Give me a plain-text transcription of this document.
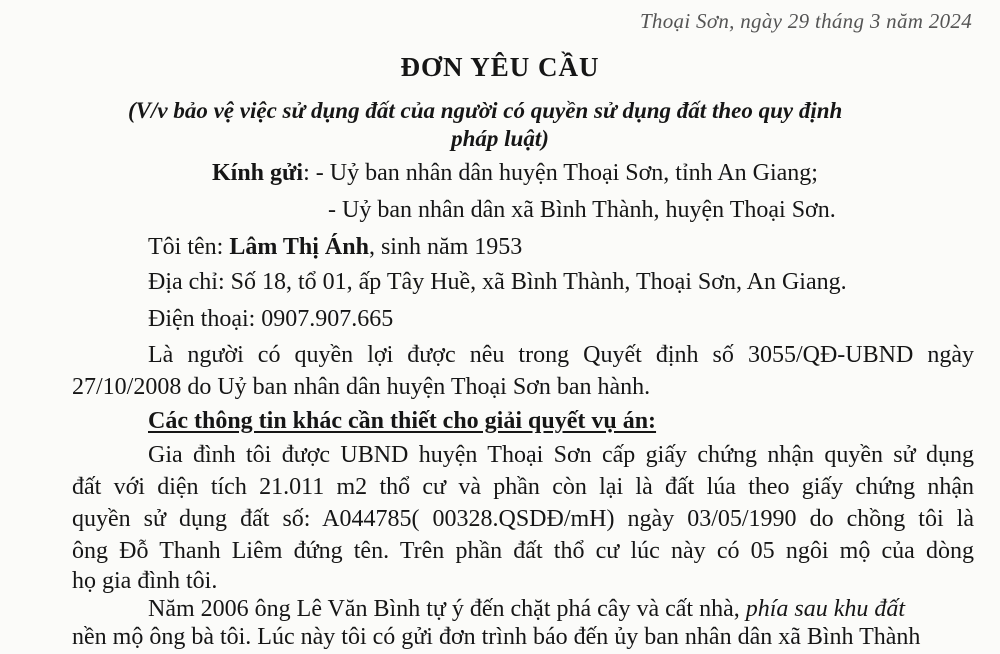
Thoại Sơn, ngày 29 tháng 3 năm 2024
ĐƠN YÊU CẦU
(V/v bảo vệ việc sử dụng đất của người có quyền sử dụng đất theo quy định
pháp luật)
Kính gửi: - Uỷ ban nhân dân huyện Thoại Sơn, tỉnh An Giang;
- Uỷ ban nhân dân xã Bình Thành, huyện Thoại Sơn.
Tôi tên: Lâm Thị Ánh, sinh năm 1953
Địa chỉ: Số 18, tổ 01, ấp Tây Huề, xã Bình Thành, Thoại Sơn, An Giang.
Điện thoại: 0907.907.665
Là người có quyền lợi được nêu trong Quyết định số 3055/QĐ-UBND ngày
27/10/2008 do Uỷ ban nhân dân huyện Thoại Sơn ban hành.
Các thông tin khác cần thiết cho giải quyết vụ án:
Gia đình tôi được UBND huyện Thoại Sơn cấp giấy chứng nhận quyền sử dụng
đất với diện tích 21.011 m2 thổ cư và phần còn lại là đất lúa theo giấy chứng nhận
quyền sử dụng đất số: A044785( 00328.QSDĐ/mH) ngày 03/05/1990 do chồng tôi là
ông Đỗ Thanh Liêm đứng tên. Trên phần đất thổ cư lúc này có 05 ngôi mộ của dòng
họ gia đình tôi.
Năm 2006 ông Lê Văn Bình tự ý đến chặt phá cây và cất nhà, phía sau khu đất
nền mộ ông bà tôi. Lúc này tôi có gửi đơn trình báo đến ủy ban nhân dân xã Bình Thành
